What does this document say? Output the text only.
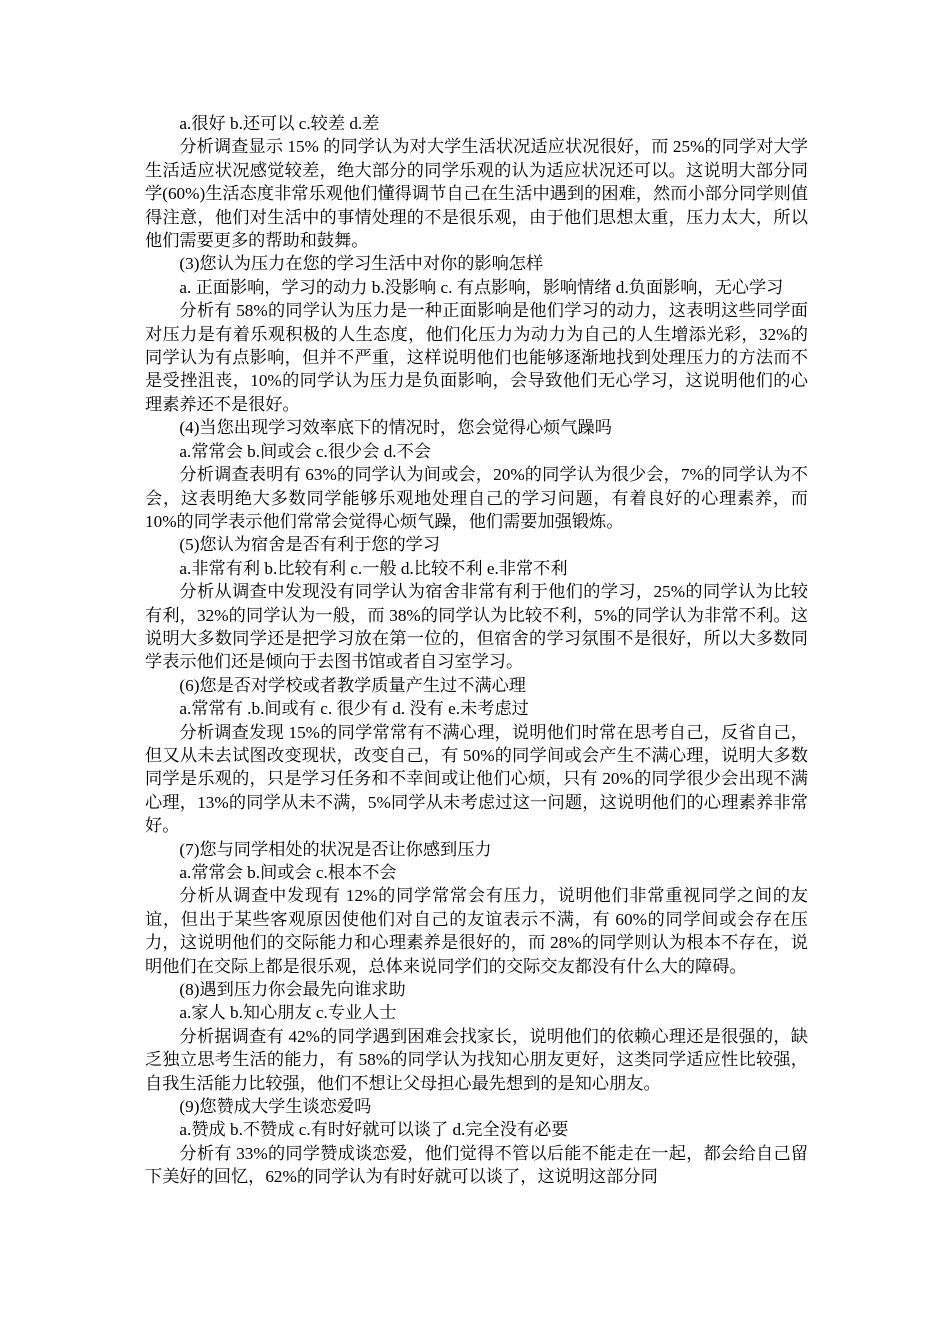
a.很好 b.还可以 c.较差 d.差

分析调查显示 15% 的同学认为对大学生活状况适应状况很好，而 25%的同学对大学生活适应状况感觉较差，绝大部分的同学乐观的认为适应状况还可以。这说明大部分同学(60%)生活态度非常乐观他们懂得调节自己在生活中遇到的困难，然而小部分同学则值得注意，他们对生活中的事情处理的不是很乐观，由于他们思想太重，压力太大，所以他们需要更多的帮助和鼓舞。

(3)您认为压力在您的学习生活中对你的影响怎样

a. 正面影响，学习的动力 b.没影响 c. 有点影响，影响情绪 d.负面影响，无心学习

分析有 58%的同学认为压力是一种正面影响是他们学习的动力，这表明这些同学面对压力是有着乐观积极的人生态度，他们化压力为动力为自己的人生增添光彩，32%的同学认为有点影响，但并不严重，这样说明他们也能够逐渐地找到处理压力的方法而不是受挫沮丧，10%的同学认为压力是负面影响，会导致他们无心学习，这说明他们的心理素养还不是很好。

(4)当您出现学习效率底下的情况时，您会觉得心烦气躁吗

a.常常会 b.间或会 c.很少会 d.不会

分析调查表明有 63%的同学认为间或会，20%的同学认为很少会，7%的同学认为不会，这表明绝大多数同学能够乐观地处理自己的学习问题，有着良好的心理素养，而 10%的同学表示他们常常会觉得心烦气躁，他们需要加强锻炼。

(5)您认为宿舍是否有利于您的学习

a.非常有利 b.比较有利 c.一般 d.比较不利 e.非常不利

分析从调查中发现没有同学认为宿舍非常有利于他们的学习，25%的同学认为比较有利，32%的同学认为一般，而 38%的同学认为比较不利，5%的同学认为非常不利。这说明大多数同学还是把学习放在第一位的，但宿舍的学习氛围不是很好，所以大多数同学表示他们还是倾向于去图书馆或者自习室学习。

(6)您是否对学校或者教学质量产生过不满心理

a.常常有 .b.间或有 c. 很少有 d. 没有 e.未考虑过

分析调查发现 15%的同学常常有不满心理，说明他们时常在思考自己，反省自己，但又从未去试图改变现状，改变自己，有 50%的同学间或会产生不满心理，说明大多数同学是乐观的，只是学习任务和不幸间或让他们心烦，只有 20%的同学很少会出现不满心理，13%的同学从未不满，5%同学从未考虑过这一问题，这说明他们的心理素养非常好。

(7)您与同学相处的状况是否让你感到压力

a.常常会 b.间或会 c.根本不会

分析从调查中发现有 12%的同学常常会有压力，说明他们非常重视同学之间的友谊，但出于某些客观原因使他们对自己的友谊表示不满，有 60%的同学间或会存在压力，这说明他们的交际能力和心理素养是很好的，而 28%的同学则认为根本不存在，说明他们在交际上都是很乐观，总体来说同学们的交际交友都没有什么大的障碍。

(8)遇到压力你会最先向谁求助

a.家人 b.知心朋友 c.专业人士

分析据调查有 42%的同学遇到困难会找家长，说明他们的依赖心理还是很强的，缺乏独立思考生活的能力，有 58%的同学认为找知心朋友更好，这类同学适应性比较强，自我生活能力比较强，他们不想让父母担心最先想到的是知心朋友。

(9)您赞成大学生谈恋爱吗

a.赞成 b.不赞成 c.有时好就可以谈了 d.完全没有必要

分析有 33%的同学赞成谈恋爱，他们觉得不管以后能不能走在一起，都会给自己留下美好的回忆，62%的同学认为有时好就可以谈了，这说明这部分同
